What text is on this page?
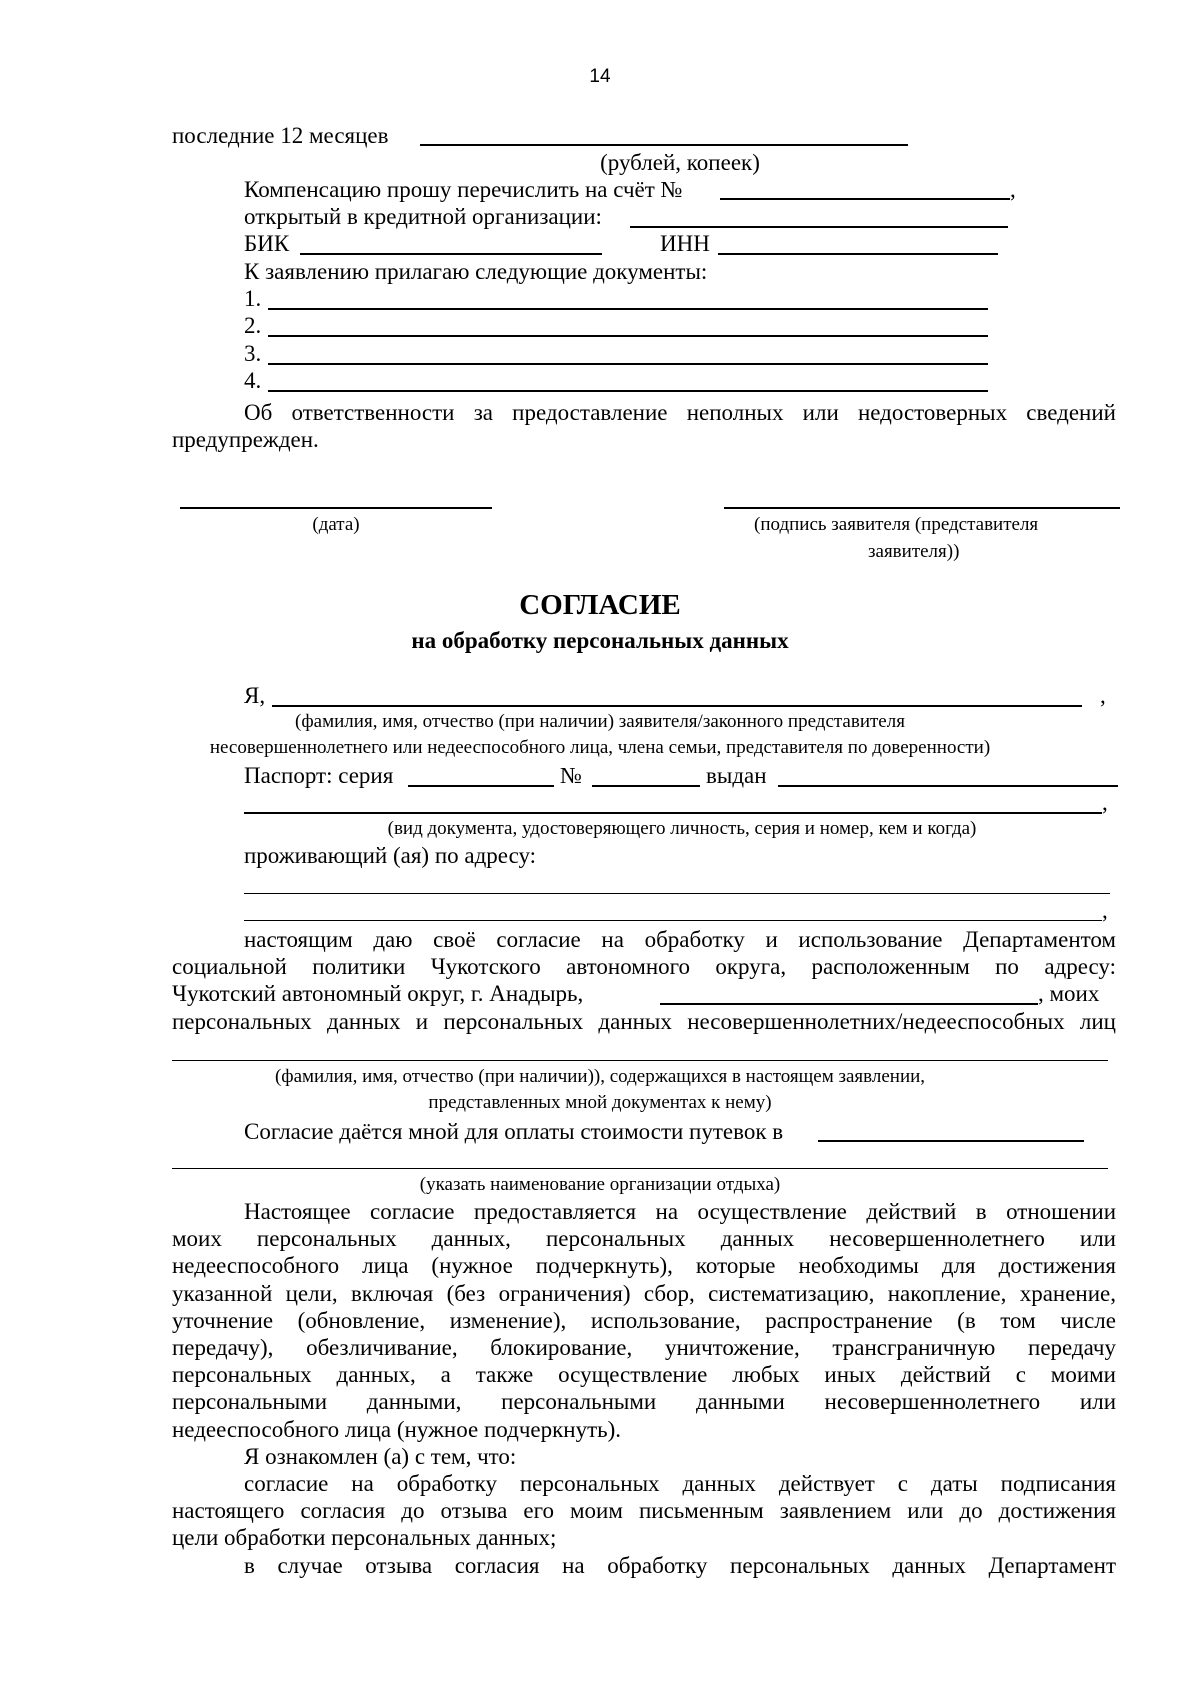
14
последние 12 месяцев
(рублей, копеек)
Компенсацию прошу перечислить на счёт №	,
открытый в кредитной организации:
БИК	ИНН
К заявлению прилагаю следующие документы:
1.
2.
3.
4.
Об ответственности за предоставление неполных или недостоверных сведений
предупрежден.
(дата)	(подпись заявителя (представителя
заявителя))
СОГЛАСИЕ
на обработку персональных данных
Я,	,
(фамилия, имя, отчество (при наличии) заявителя/законного представителя
несовершеннолетнего или недееспособного лица, члена семьи, представителя по доверенности)
Паспорт: серия	№	выдан
,
(вид документа, удостоверяющего личность, серия и номер, кем и когда)
проживающий (ая) по адресу:
,
настоящим даю своё согласие на обработку и использование Департаментом
социальной политики Чукотского автономного округа, расположенным по адресу:
Чукотский автономный округ, г. Анадырь,	, моих
персональных данных и персональных данных несовершеннолетних/недееспособных лиц
(фамилия, имя, отчество (при наличии)), содержащихся в настоящем заявлении,
представленных мной документах к нему)
Согласие даётся мной для оплаты стоимости путевок в
(указать наименование организации отдыха)
Настоящее согласие предоставляется на осуществление действий в отношении
моих персональных данных, персональных данных несовершеннолетнего или
недееспособного лица (нужное подчеркнуть), которые необходимы для достижения
указанной цели, включая (без ограничения) сбор, систематизацию, накопление, хранение,
уточнение (обновление, изменение), использование, распространение (в том числе
передачу), обезличивание, блокирование, уничтожение, трансграничную передачу
персональных данных, а также осуществление любых иных действий с моими
персональными данными, персональными данными несовершеннолетнего или
недееспособного лица (нужное подчеркнуть).
Я ознакомлен (а) с тем, что:
согласие на обработку персональных данных действует с даты подписания
настоящего согласия до отзыва его моим письменным заявлением или до достижения
цели обработки персональных данных;
в случае отзыва согласия на обработку персональных данных Департамент
